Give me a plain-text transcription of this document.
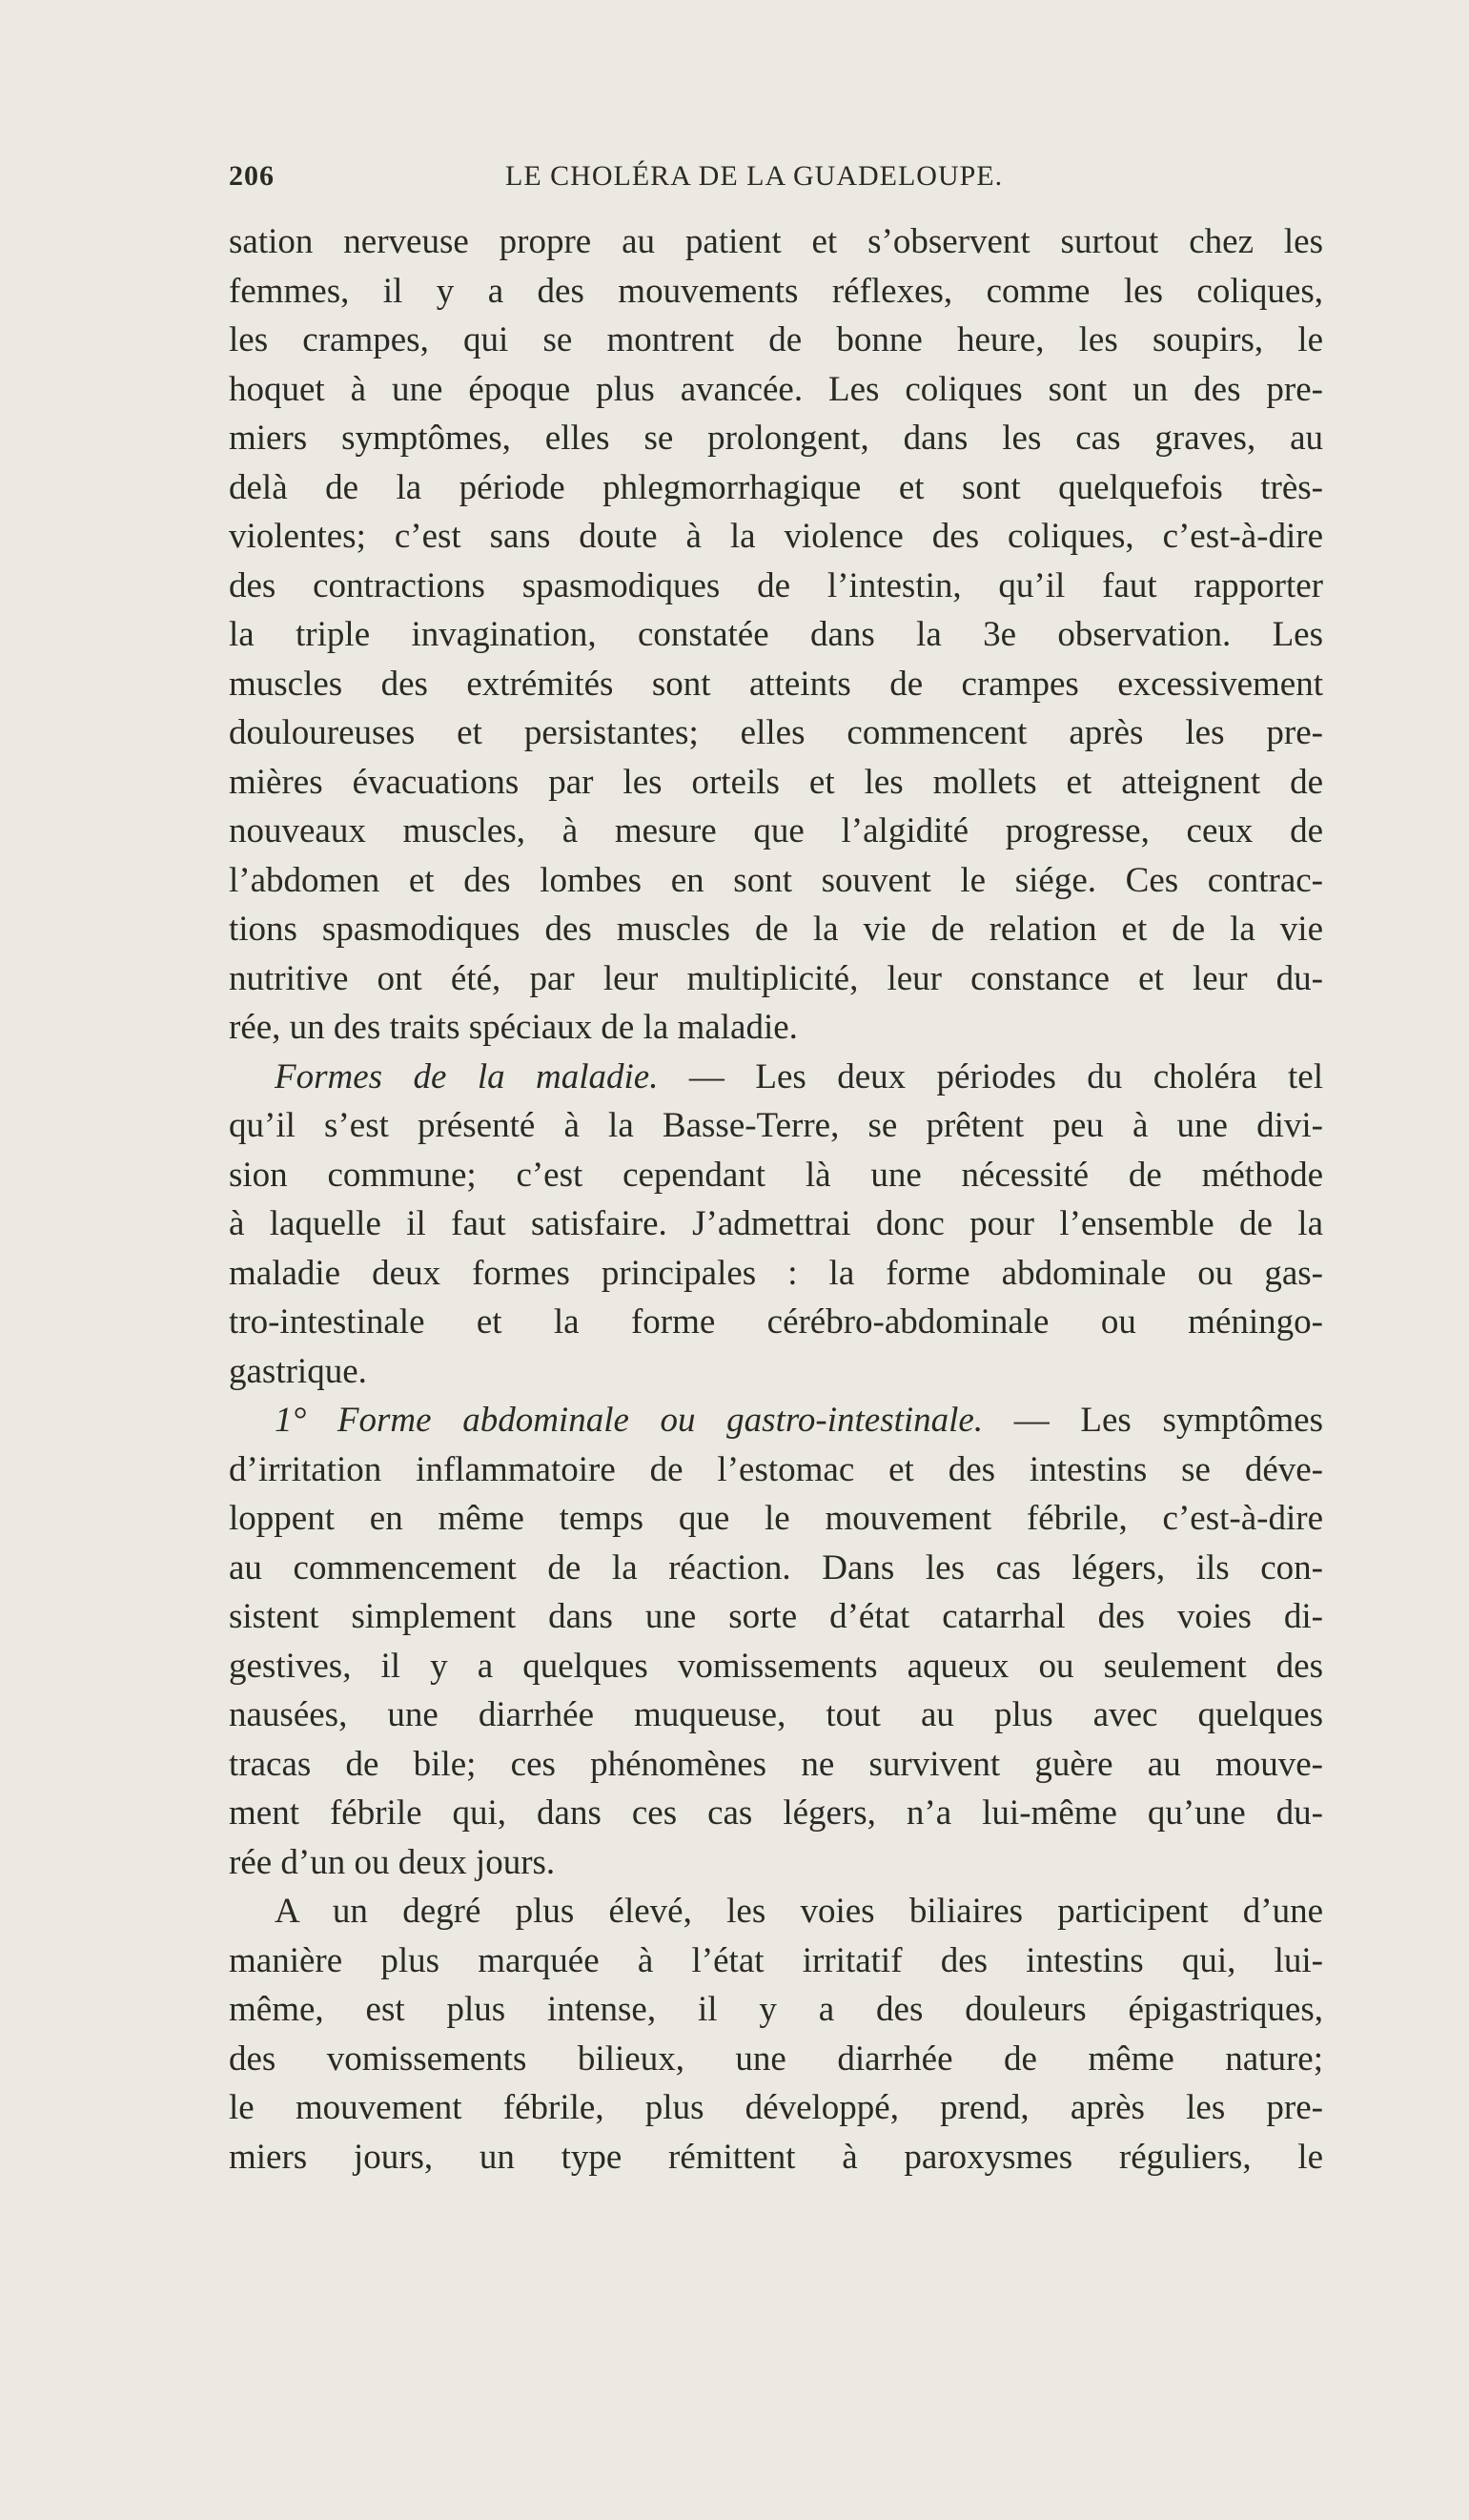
206	LE CHOLÉRA DE LA GUADELOUPE.
sation nerveuse propre au patient et s’observent surtout chez les
femmes, il y a des mouvements réflexes, comme les coliques,
les crampes, qui se montrent de bonne heure, les soupirs, le
hoquet à une époque plus avancée. Les coliques sont un des pre-
miers symptômes, elles se prolongent, dans les cas graves, au
delà de la période phlegmorrhagique et sont quelquefois très-
violentes; c’est sans doute à la violence des coliques, c’est-à-dire
des contractions spasmodiques de l’intestin, qu’il faut rapporter
la triple invagination, constatée dans la 3e observation. Les
muscles des extrémités sont atteints de crampes excessivement
douloureuses et persistantes; elles commencent après les pre-
mières évacuations par les orteils et les mollets et atteignent de
nouveaux muscles, à mesure que l’algidité progresse, ceux de
l’abdomen et des lombes en sont souvent le siége. Ces contrac-
tions spasmodiques des muscles de la vie de relation et de la vie
nutritive ont été, par leur multiplicité, leur constance et leur du-
rée, un des traits spéciaux de la maladie.
Formes de la maladie. — Les deux périodes du choléra tel
qu’il s’est présenté à la Basse-Terre, se prêtent peu à une divi-
sion commune; c’est cependant là une nécessité de méthode
à laquelle il faut satisfaire. J’admettrai donc pour l’ensemble de la
maladie deux formes principales : la forme abdominale ou gas-
tro-intestinale et la forme cérébro-abdominale ou méningo-
gastrique.
1° Forme abdominale ou gastro-intestinale. — Les symptômes
d’irritation inflammatoire de l’estomac et des intestins se déve-
loppent en même temps que le mouvement fébrile, c’est-à-dire
au commencement de la réaction. Dans les cas légers, ils con-
sistent simplement dans une sorte d’état catarrhal des voies di-
gestives, il y a quelques vomissements aqueux ou seulement des
nausées, une diarrhée muqueuse, tout au plus avec quelques
tracas de bile; ces phénomènes ne survivent guère au mouve-
ment fébrile qui, dans ces cas légers, n’a lui-même qu’une du-
rée d’un ou deux jours.
A un degré plus élevé, les voies biliaires participent d’une
manière plus marquée à l’état irritatif des intestins qui, lui-
même, est plus intense, il y a des douleurs épigastriques,
des vomissements bilieux, une diarrhée de même nature;
le mouvement fébrile, plus développé, prend, après les pre-
miers jours, un type rémittent à paroxysmes réguliers, le
